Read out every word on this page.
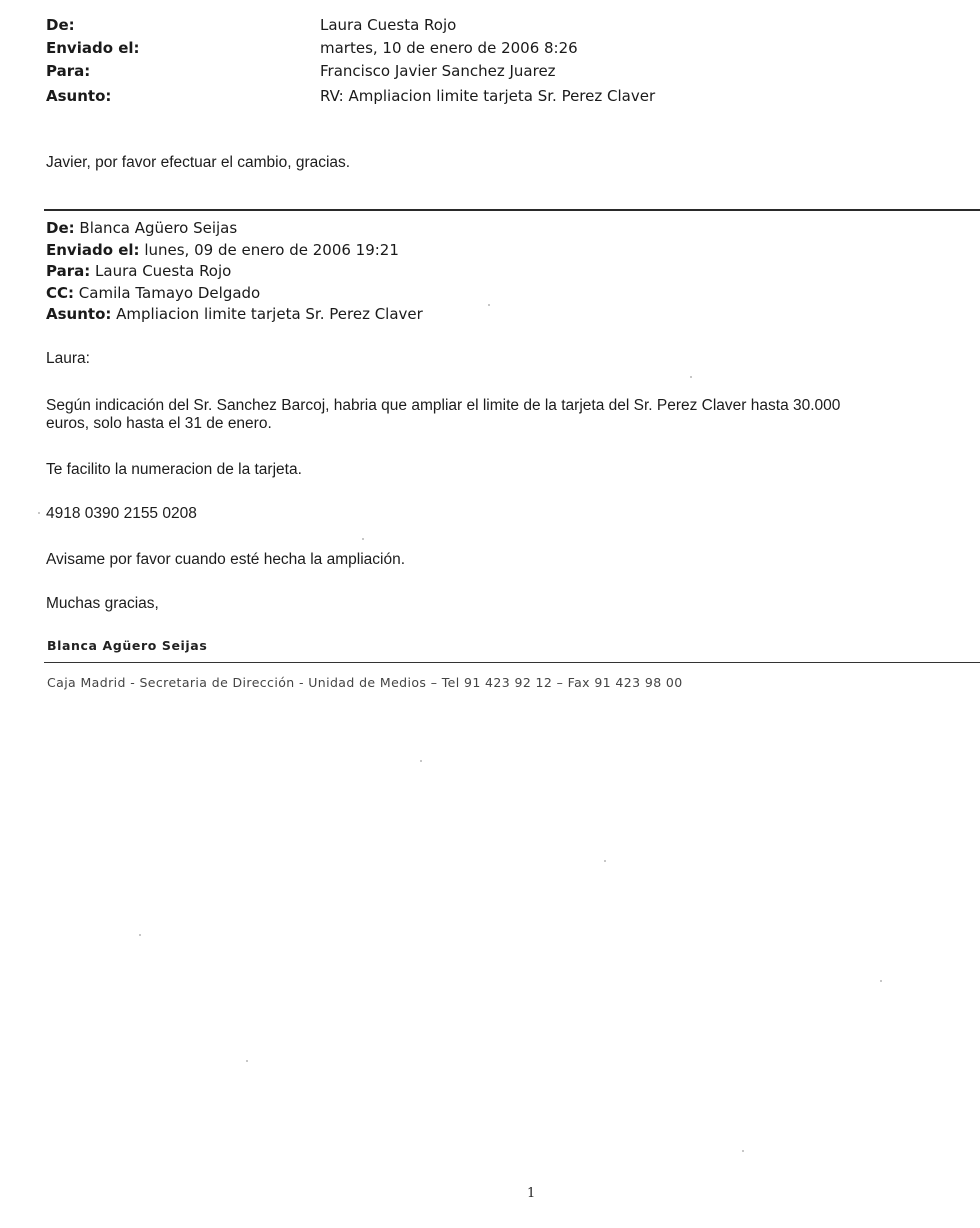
De:	Laura Cuesta Rojo
Enviado el:	martes, 10 de enero de 2006 8:26
Para:	Francisco Javier Sanchez Juarez
Asunto:	RV: Ampliacion limite tarjeta Sr. Perez Claver
Javier, por favor efectuar el cambio, gracias.
De: Blanca Agüero Seijas
Enviado el: lunes, 09 de enero de 2006 19:21
Para: Laura Cuesta Rojo
CC: Camila Tamayo Delgado
Asunto: Ampliacion limite tarjeta Sr. Perez Claver
Laura:
Según indicación del Sr. Sanchez Barcoj, habria que ampliar el limite de la tarjeta del Sr. Perez Claver hasta 30.000
euros, solo hasta el 31 de enero.
Te facilito la numeracion de la tarjeta.
4918 0390 2155 0208
Avisame por favor cuando esté hecha la ampliación.
Muchas gracias,
Blanca Agüero Seijas
Caja Madrid - Secretaria de Dirección - Unidad de Medios – Tel 91 423 92 12 – Fax 91 423 98 00
1
